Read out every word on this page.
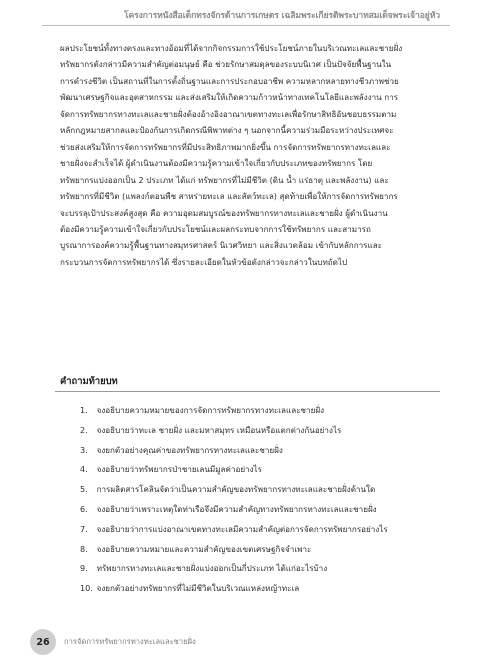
โครงการหนังสือเด็กทรงจักรด้านการเกษตร เฉลิมพระเกียรติพระบาทสมเด็จพระเจ้าอยู่หัว
ผลประโยชน์ทั้งทางตรงและทางอ้อมที่ได้จากกิจกรรมการใช้ประโยชน์ภายในบริเวณทะเลและชายฝั่ง
ทรัพยากรดังกล่าวมีความสำคัญต่อมนุษย์ คือ ช่วยรักษาสมดุลของระบบนิเวศ เป็นปัจจัยพื้นฐานใน
การดำรงชีวิต เป็นสถานที่ในการตั้งถิ่นฐานและการประกอบอาชีพ ความหลากหลายทางชีวภาพช่วย
พัฒนาเศรษฐกิจและอุตสาหกรรม และส่งเสริมให้เกิดความก้าวหน้าทางเทคโนโลยีและพลังงาน การ
จัดการทรัพยากรทางทะเลและชายฝั่งต้องอ้างอิงอาณาเขตทางทะเลเพื่อรักษาสิทธิอันชอบธรรมตาม
หลักกฎหมายสากลและป้องกันการเกิดกรณีพิพาทต่าง ๆ นอกจากนี้ความร่วมมือระหว่างประเทศจะ
ช่วยส่งเสริมให้การจัดการทรัพยากรที่มีประสิทธิภาพมากยิ่งขึ้น การจัดการทรัพยากรทางทะเลและ
ชายฝั่งจะสำเร็จได้ ผู้ดำเนินงานต้องมีความรู้ความเข้าใจเกี่ยวกับประเภทของทรัพยากร โดย
ทรัพยากรแบ่งออกเป็น 2 ประเภท ได้แก่ ทรัพยากรที่ไม่มีชีวิต (ดิน น้ำ แร่ธาตุ และพลังงาน) และ
ทรัพยากรที่มีชีวิต (แพลงก์ตอนพืช สาหร่ายทะเล และสัตว์ทะเล) สุดท้ายเพื่อให้การจัดการทรัพยากร
จะบรรลุเป้าประสงค์สูงสุด คือ ความอุดมสมบูรณ์ของทรัพยากรทางทะเลและชายฝั่ง ผู้ดำเนินงาน
ต้องมีความรู้ความเข้าใจเกี่ยวกับประโยชน์และผลกระทบจากการใช้ทรัพยากร และสามารถ
บูรณาการองค์ความรู้พื้นฐานทางสมุทรศาสตร์ นิเวศวิทยา และสิ่งแวดล้อม เข้ากับหลักการและ
กระบวนการจัดการทรัพยากรได้ ซึ่งรายละเอียดในหัวข้อดังกล่าวจะกล่าวในบทถัดไป
คำถามท้ายบท
1. จงอธิบายความหมายของการจัดการทรัพยากรทางทะเลและชายฝั่ง
2. จงอธิบายว่าทะเล ชายฝั่ง และมหาสมุทร เหมือนหรือแตกต่างกันอย่างไร
3. จงยกตัวอย่างคุณค่าของทรัพยากรทางทะเลและชายฝั่ง
4. จงอธิบายว่าทรัพยากรป่าชายเลนมีมูลค่าอย่างไร
5. การผลิตสารโคลินจัดว่าเป็นความสำคัญของทรัพยากรทางทะเลและชายฝั่งด้านใด
6. จงอธิบายว่าเพราะเหตุใดท่าเรือจึงมีความสำคัญทางทรัพยากรทางทะเลและชายฝั่ง
7. จงอธิบายว่าการแบ่งอาณาเขตทางทะเลมีความสำคัญต่อการจัดการทรัพยากรอย่างไร
8. จงอธิบายความหมายและความสำคัญของเขตเศรษฐกิจจำเพาะ
9. ทรัพยากรทางทะเลและชายฝั่งแบ่งออกเป็นกี่ประเภท ได้แก่อะไรบ้าง
10. จงยกตัวอย่างทรัพยากรที่ไม่มีชีวิตในบริเวณแหล่งหญ้าทะเล
26	การจัดการทรัพยากรทางทะเลและชายฝั่ง
